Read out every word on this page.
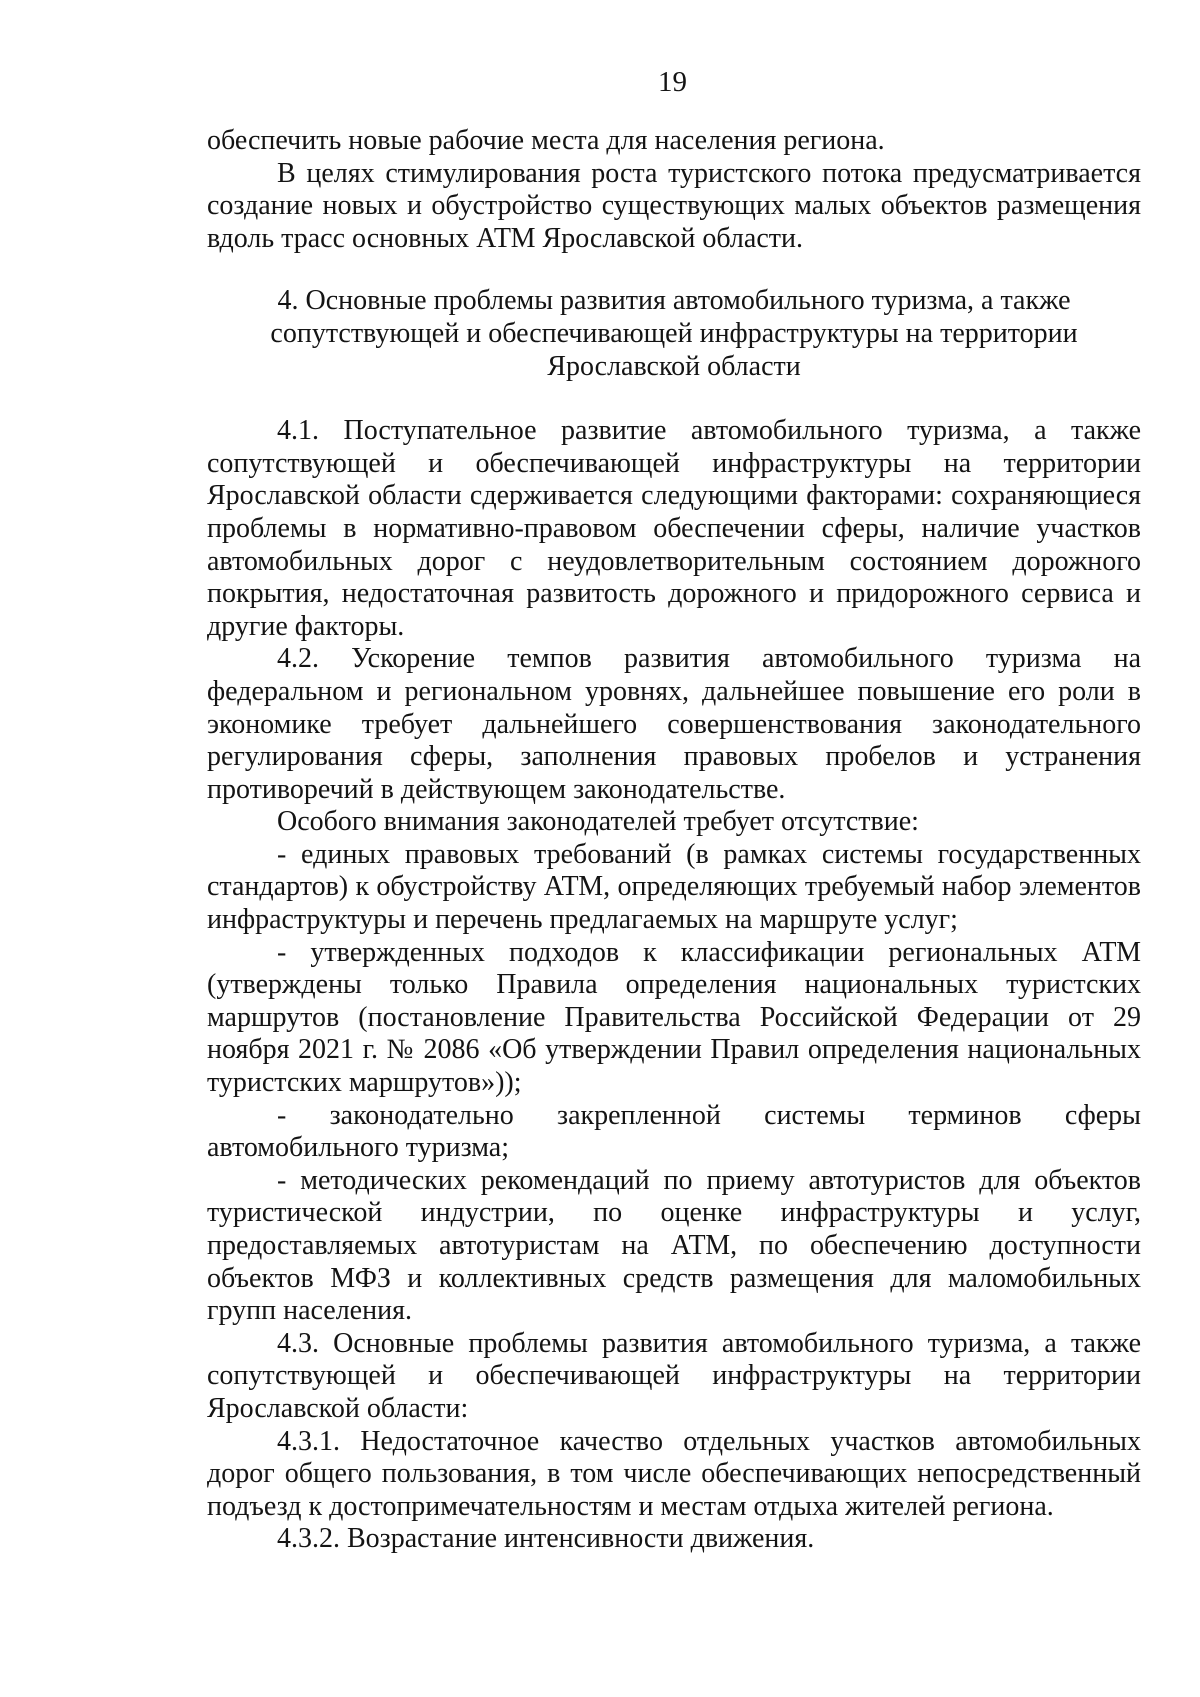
19

обеспечить новые рабочие места для населения региона.

В целях стимулирования роста туристского потока предусматривается создание новых и обустройство существующих малых объектов размещения вдоль трасс основных АТМ Ярославской области.

4. Основные проблемы развития автомобильного туризма, а также
сопутствующей и обеспечивающей инфраструктуры на территории
Ярославской области

4.1. Поступательное развитие автомобильного туризма, а также сопутствующей и обеспечивающей инфраструктуры на территории Ярославской области сдерживается следующими факторами: сохраняющиеся проблемы в нормативно-правовом обеспечении сферы, наличие участков автомобильных дорог с неудовлетворительным состоянием дорожного покрытия, недостаточная развитость дорожного и придорожного сервиса и другие факторы.

4.2. Ускорение темпов развития автомобильного туризма на федеральном и региональном уровнях, дальнейшее повышение его роли в экономике требует дальнейшего совершенствования законодательного регулирования сферы, заполнения правовых пробелов и устранения противоречий в действующем законодательстве.

Особого внимания законодателей требует отсутствие:

- единых правовых требований (в рамках системы государственных стандартов) к обустройству АТМ, определяющих требуемый набор элементов инфраструктуры и перечень предлагаемых на маршруте услуг;

- утвержденных подходов к классификации региональных АТМ (утверждены только Правила определения национальных туристских маршрутов (постановление Правительства Российской Федерации от 29 ноября 2021 г. № 2086 «Об утверждении Правил определения национальных туристских маршрутов»));

- законодательно закрепленной системы терминов сферы автомобильного туризма;

- методических рекомендаций по приему автотуристов для объектов туристической индустрии, по оценке инфраструктуры и услуг, предоставляемых автотуристам на АТМ, по обеспечению доступности объектов МФЗ и коллективных средств размещения для маломобильных групп населения.

4.3. Основные проблемы развития автомобильного туризма, а также сопутствующей и обеспечивающей инфраструктуры на территории Ярославской области:

4.3.1. Недостаточное качество отдельных участков автомобильных дорог общего пользования, в том числе обеспечивающих непосредственный подъезд к достопримечательностям и местам отдыха жителей региона.

4.3.2. Возрастание интенсивности движения.
